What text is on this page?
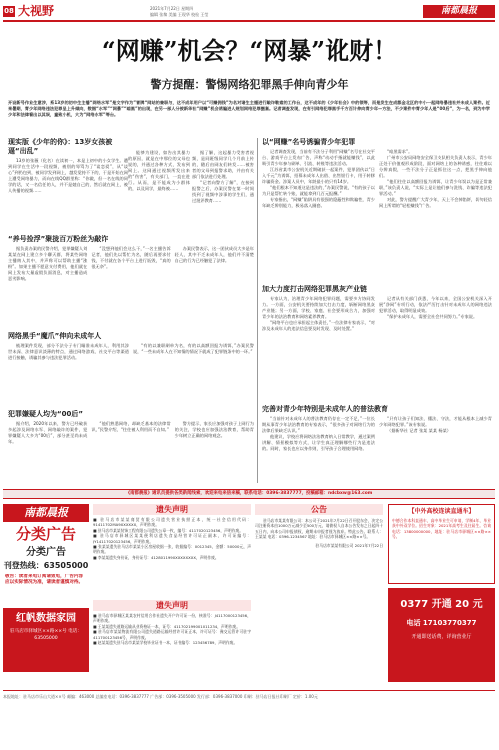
08 大视野	2021年7月22日 星期四
编辑 张黎 美编 王现华 校检 王莹	南都晨报
“网赚”机会？“网暴”讹财！
警方提醒：警惕网络犯罪黑手伸向青少年
开设新号作业生意涉，系13岁的初中生主播“网络水军”是文字作为”冒牌“网站的兼职与，这不成年用户以“可赚佣钱”为名对诸生主播进行敲诈勒索的工作台，这不成年的《少年社会》中的领等，而是发生在成都金北区的中小一起网络暴违社并未成人案件。近来暑期，青少年网络违法犯罪呈上升倾向，数据“水军”“网暴”“暗黑”的出现，在另一部人分被新华社“网赚”机会诱骗进人规划网络犯罪圈套。记者调查发现，在有引网络犯罪黑手千方百计伸向青少年—方法，不少案件中青少年人是“00后”，为一名，到为中学少年和法律看出以其误，童致小机，大为“网络水军”等台。
现实版《少年的你》：13岁女孩被逼“出乱”

13岁的张薇（化名）在读初一，本是上初中的小女学生。遭到同学在生活中一段视频，被别的辱骂为了“谈恋爱”，从“谈心”到扔包到，被同学发到网上，越发觉持不下的，于是开始在网上遭受网络暴力，而向在线QQ群里称：“你做，但一名在线的同学的话，又一名信任的人，并不是她自己的，然后就在网上，被人传播的视频……

能够为建设，如告出其暴力的原因，就是在中那位的父母也说的，并通过各种方式，发布到网上。这网通过视频所发出来的“伤害”，有关部门，一直在进行。从而，是不能成为小群体的，以及同学，最终被……

据了解，这起暴力受害者视频，是同班级同学几个月前上传的，随后由网友们转发……被害者的父母到报警求助，并由有关部门依法进行处理。

“记者向警方了解”，在接到报警之后，办案民警在第一时间找到了视频中涉事的学生们，通过批评教育……

“养号捡浮”聚拢百万粉丝为敲诈

据负责办案的民警介绍，犯罪嫌疑人刘某某在网上建立多个聊天群，将某些网络主播纳入其中，并声称可以帮助主播“涨粉”。如果主播不愿意支付费用，他们就在网上发布大量虚假负面消息，对主播造成恶劣影响。

“没想到他们会这么干，”一名主播告诉记者，他们先以帮忙为名，随后再要求付钱，不付就在各个平台上进行诋毁，“真的很无奈”。

办案民警表示，这一团伙成员大多是年轻人，其中不乏未成年人，他们并不清楚自己的行为已经触犯了法律。

网络黑手“魔爪”伸向未成年人

梳理案件发现，部分不法分子专门瞄准未成年人，利用其涉世未深、法律意识淡薄的特点，通过网络游戏、社交平台等渠道进行接触，诱骗其参与违法犯罪活动。

“有的以兼职刷单为名，有的以高额回报为诱饵，”办案民警说，“一些未成年人在不知情的情况下就成了犯罪链条中的一环。”

犯罪嫌疑人均为“00后”

据介绍，2020年以来，警方已经破获多起涉及网络水军、网络敲诈的案件，犯罪嫌疑人大多为“00后”，部分甚至尚未成年。

“他们熟悉网络，却缺乏基本的法律常识，”民警介绍，“往往被人利用而不自知。”

警方提示，家长应加强对孩子上网行为的关注，学校也应加强法治教育，帮助青少年树立正确的网络观念。

以“网赚”名号诱骗青少年犯罪

记者调查发现，当前有不法分子利用“网赚”名号在社交平台、游戏平台上发布广告，声称“动动手指就能赚钱”，以此吸引青少年参与刷单、引流、转账等违法活动。

江苏省某市公安机关近期破获一起案件，犯罪团伙以“日入千元”为诱饵，招募未成年人出借、出售银行卡，用于转移诈骗资金。涉案人员中，年龄最小的只有14岁。

“他们根本不知道这是违法的，”办案民警说，“有的孩子以为只是帮忙转个账，就能拿到几百元报酬。”

专家指出，“网赚”陷阱具有很强的隐蔽性和欺骗性，青少年缺乏辨别能力，极易落入圈套。

“暗黑需求”。

广州市公安局网络安全保卫支队相关负责人表示，青少年正处于价值观形成阶段，面对网络上的各种诱惑，往往难以分辨真假，一些不法分子正是抓住这一点，把黑手伸向他们。

“他们往往以高额回报为诱饵，让青少年误以为是正常兼职，”该负责人说，“实际上是让他们参与洗钱、诈骗等违法犯罪活动。”

对此，警方提醒广大青少年，天上不会掉馅饼，切勿轻信网上所谓的“轻松赚钱”广告。

加大力度打击网络犯罪黑灰产业链

专家认为，治理青少年网络犯罪问题，需要多方协同发力。一方面，公安机关要持续加大打击力度，斩断网络黑灰产业链；另一方面，学校、家庭、社会要形成合力，加强对青少年的法治教育和网络素养教育。

“网络平台也应承担起主体责任，”一位法律专家表示，“对涉及未成年人的违法信息要及时发现、及时处置。”

记者从有关部门获悉，今年以来，全国公安机关深入开展“净网”专项行动，依法严厉打击针对未成年人的网络违法犯罪活动，取得明显成效。

“保护未成年人，需要全社会共同努力。”专家说。

完善对青少年特别是未成年人的普法教育

“当前针对未成年人的普法教育仍存在一定不足，”一位长期从事青少年法治教育的专家表示，“很多孩子对网络行为的法律后果缺乏认识。”

他建议，学校应将网络法治教育纳入日常教学，通过案例讲解、情景模拟等方式，让学生真正理解哪些行为是违法的。同时，家长也应以身作则，引导孩子合理使用网络。

“只有让孩子们知法、懂法、守法，才能从根本上减少青少年网络犯罪。”该专家说。

（据新华社 记者 张某 某某 杨某）

《南都晨报》通讯员提供各类新闻线索，欢迎来电来信来稿，联系电话：0396-3837777，投稿邮箱：ndcbxw@163.com
南都晨报
分类广告
分类广告
刊登热线：63505000
敬告：读者来电订阅请致电，广告内容应以实际情况为准，请读者谨慎对待。
红帆数据家园
驻马店市驿城区××路××号 电话：63505000
遗失声明
■ 驻马店市某某商贸有限公司遗失营业执照正本，统一社会信用代码：91411702MA9XXXXXX，声明作废。
■ 驻马店市某某装饰工程有限公司遗失公章一枚，编号：4117020123456，声明作废。
■ 驻马店市驿城区某某便利店遗失食品经营许可证正副本，许可证编号：JY14117020123456，声明作废。
■ 张某某遗失驻马店市某某小区房屋收据一张，收据编号：0012345，金额：50000元，声明作废。
■ 李某某遗失身份证，身份证号：4128011990XXXXXXXX，声明作废。
遗失声明
■ 驻马店市驿城区某某农村信用合作社遗失开户许可证一份，核准号：J4117000123456，声明作废。
■ 王某某遗失道路运输从业资格证一本，证号：411702199001011234，声明作废。
■ 驻马店市某某物流有限公司遗失道路运输经营许可证正本，许可证号：豫交运管许可驻字411700123456号，声明作废。
■ 赵某某遗失驻马店市某某学校毕业证书一本，证书编号：123456789，声明作废。
公告
驻马店市某某有限公司：本公司于2021年7月22日召开股东会，决定公司注册资本由1000万元减少至500万元，请债权人自本公告发布之日起四十五日内，向本公司申报债权，逾期未申报者视为放弃。特此公告。联系人：王某某 电话：0396-1234567 地址：驻马店市驿城区××路××号。
驻马店市某某有限公司 2021年7月22日
【中外高校连读直通车】
中德合作本科直通车，高中毕业生可申请，学制4年，毕业获中外双学位。招生对象：2021年高考生及往届生。咨询电话：13800000000，地址：驻马店市驿城区××路××号。
0377 开通 20 元
电话 17103770377
开通即送话费，详询营业厅
本报地址：驻马店市乐山大道××号 邮编：463000 总编室电话：0396-3837777 广告部：0396-3505000 发行部：0396-3837000 印刷：驻马店日报社印刷厂 定价：1.00元
